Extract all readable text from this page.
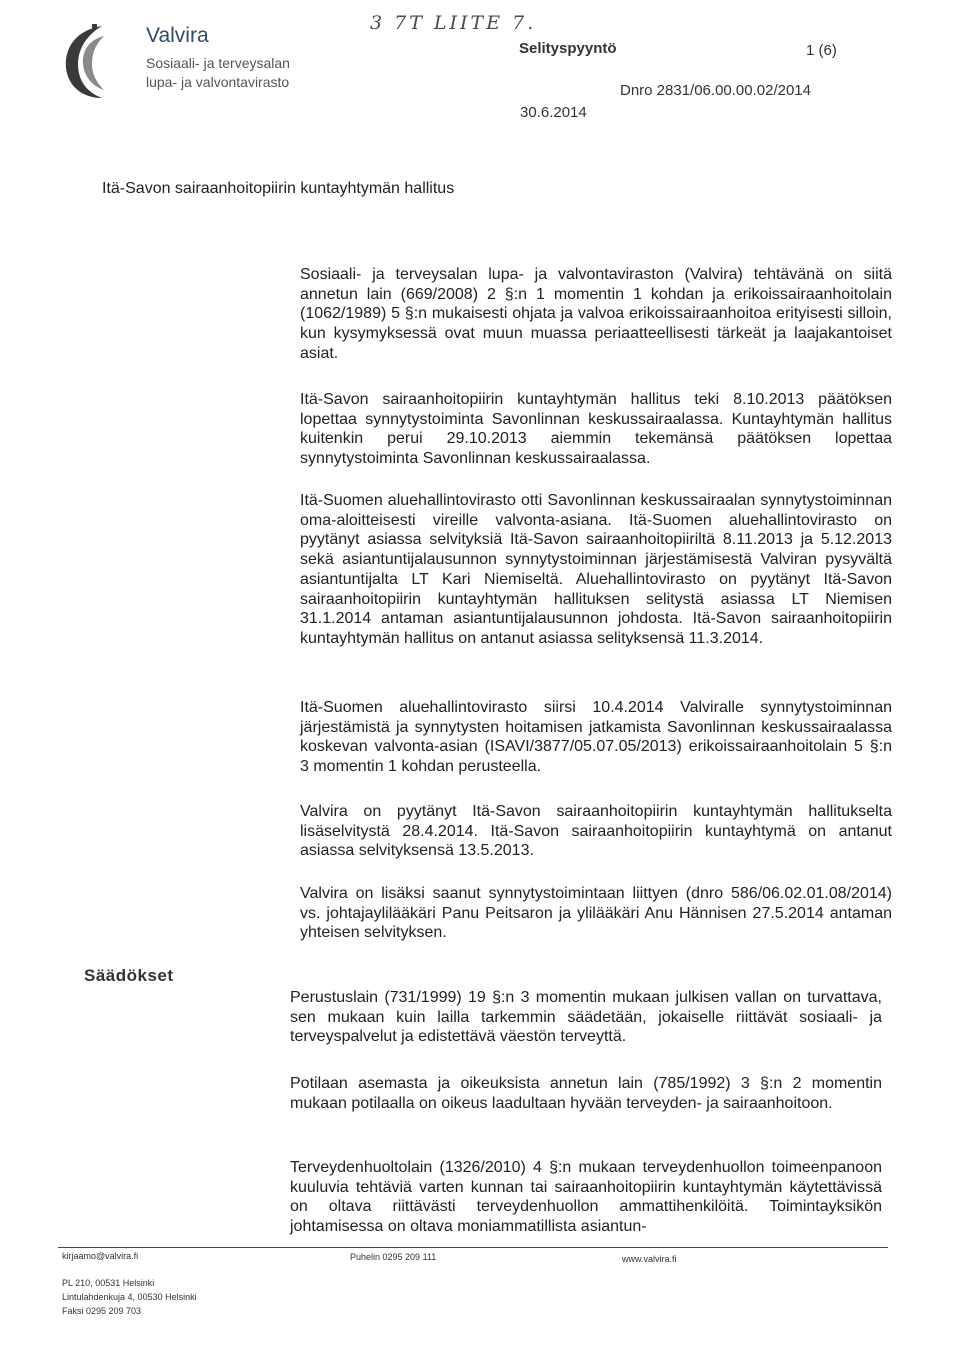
Valvira
Sosiaali- ja terveysalan
lupa- ja valvontavirasto
3 7T LIITE 7.
Selityspyyntö	1 (6)
Dnro 2831/06.00.00.02/2014
30.6.2014
Itä-Savon sairaanhoitopiirin kuntayhtymän hallitus
Sosiaali- ja terveysalan lupa- ja valvontaviraston (Valvira) tehtävänä on siitä annetun lain (669/2008) 2 §:n 1 momentin 1 kohdan ja erikoissairaanhoitolain (1062/1989) 5 §:n mukaisesti ohjata ja valvoa erikoissairaanhoitoa erityisesti silloin, kun kysymyksessä ovat muun muassa periaatteellisesti tärkeät ja laajakantoiset asiat.
Itä-Savon sairaanhoitopiirin kuntayhtymän hallitus teki 8.10.2013 päätöksen lopettaa synnytystoiminta Savonlinnan keskussairaalassa. Kuntayhtymän hallitus kuitenkin perui 29.10.2013 aiemmin tekemänsä päätöksen lopettaa synnytystoiminta Savonlinnan keskussairaalassa.
Itä-Suomen aluehallintovirasto otti Savonlinnan keskussairaalan synnytystoiminnan oma-aloitteisesti vireille valvonta-asiana. Itä-Suomen aluehallintovirasto on pyytänyt asiassa selvityksiä Itä-Savon sairaanhoitopiiriltä 8.11.2013 ja 5.12.2013 sekä asiantuntijalausunnon synnytystoiminnan järjestämisestä Valviran pysyvältä asiantuntijalta LT Kari Niemiseltä. Aluehallintovirasto on pyytänyt Itä-Savon sairaanhoitopiirin kuntayhtymän hallituksen selitystä asiassa LT Niemisen 31.1.2014 antaman asiantuntijalausunnon johdosta. Itä-Savon sairaanhoitopiirin kuntayhtymän hallitus on antanut asiassa selityksensä 11.3.2014.
Itä-Suomen aluehallintovirasto siirsi 10.4.2014 Valviralle synnytystoiminnan järjestämistä ja synnytysten hoitamisen jatkamista Savonlinnan keskussairaalassa koskevan valvonta-asian (ISAVI/3877/05.07.05/2013) erikoissairaanhoitolain 5 §:n 3 momentin 1 kohdan perusteella.
Valvira on pyytänyt Itä-Savon sairaanhoitopiirin kuntayhtymän hallitukselta lisäselvitystä 28.4.2014. Itä-Savon sairaanhoitopiirin kuntayhtymä on antanut asiassa selvityksensä 13.5.2013.
Valvira on lisäksi saanut synnytystoimintaan liittyen (dnro 586/06.02.01.08/2014) vs. johtajaylilääkäri Panu Peitsaron ja ylilääkäri Anu Hännisen 27.5.2014 antaman yhteisen selvityksen.
Säädökset
Perustuslain (731/1999) 19 §:n 3 momentin mukaan julkisen vallan on turvattava, sen mukaan kuin lailla tarkemmin säädetään, jokaiselle riittävät sosiaali- ja terveyspalvelut ja edistettävä väestön terveyttä.
Potilaan asemasta ja oikeuksista annetun lain (785/1992) 3 §:n 2 momentin mukaan potilaalla on oikeus laadultaan hyvään terveyden- ja sairaanhoitoon.
Terveydenhuoltolain (1326/2010) 4 §:n mukaan terveydenhuollon toimeenpanoon kuuluvia tehtäviä varten kunnan tai sairaanhoitopiirin kuntayhtymän käytettävissä on oltava riittävästi terveydenhuollon ammattihenkilöitä. Toimintayksikön johtamisessa on oltava moniammatillista asiantun-
kirjaamo@valvira.fi	Puhelin 0295 209 111	www.valvira.fi
PL 210, 00531 Helsinki
Lintulahdenkuja 4, 00530 Helsinki
Faksi 0295 209 703
